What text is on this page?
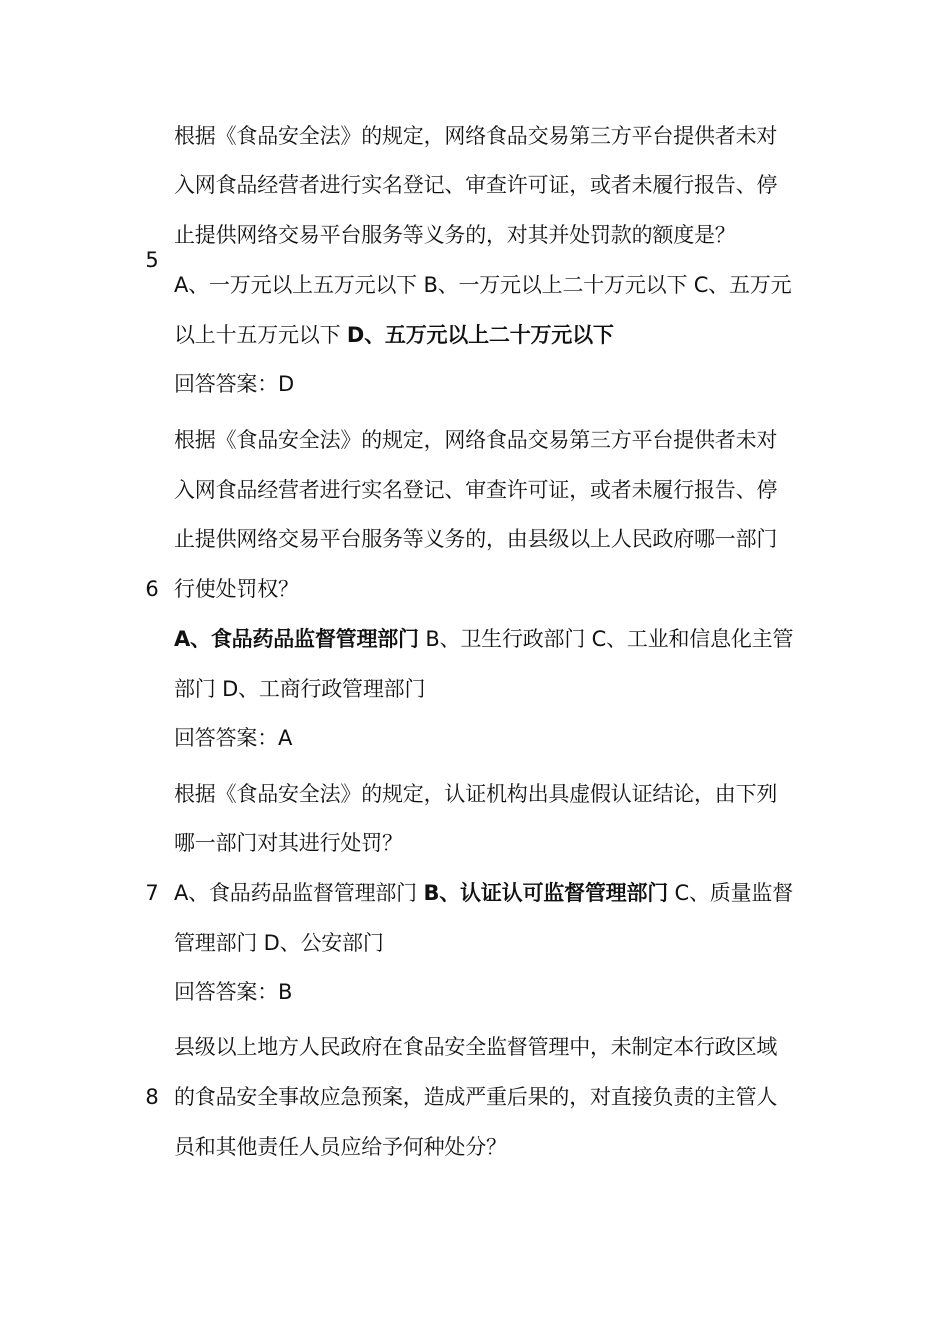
5
根据《食品安全法》的规定，网络食品交易第三方平台提供者未对
入网食品经营者进行实名登记、审查许可证，或者未履行报告、停
止提供网络交易平台服务等义务的，对其并处罚款的额度是？
A、一万元以上五万元以下 B、一万元以上二十万元以下 C、五万元
以上十五万元以下 D、五万元以上二十万元以下
回答答案：D
6
根据《食品安全法》的规定，网络食品交易第三方平台提供者未对
入网食品经营者进行实名登记、审查许可证，或者未履行报告、停
止提供网络交易平台服务等义务的，由县级以上人民政府哪一部门
行使处罚权？
A、食品药品监督管理部门 B、卫生行政部门 C、工业和信息化主管
部门 D、工商行政管理部门
回答答案：A
7
根据《食品安全法》的规定，认证机构出具虚假认证结论，由下列
哪一部门对其进行处罚？
A、食品药品监督管理部门 B、认证认可监督管理部门 C、质量监督
管理部门 D、公安部门
回答答案：B
8
县级以上地方人民政府在食品安全监督管理中，未制定本行政区域
的食品安全事故应急预案，造成严重后果的，对直接负责的主管人
员和其他责任人员应给予何种处分？
